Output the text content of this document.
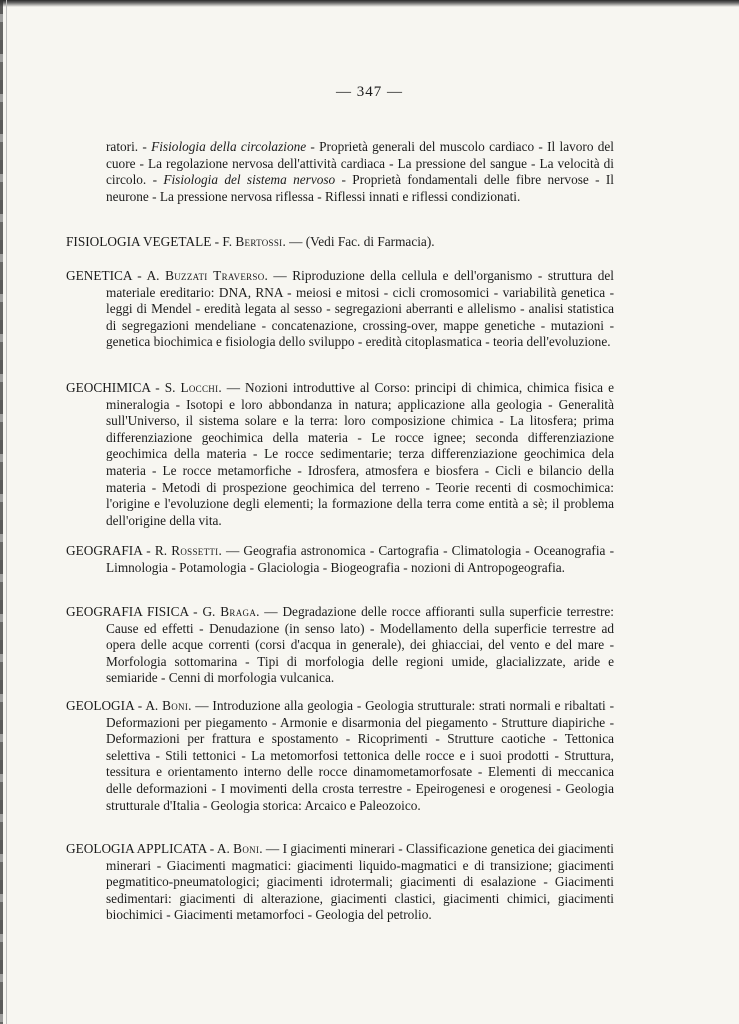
— 347 —
ratori. - Fisiologia della circolazione - Proprietà generali del muscolo cardiaco - Il lavoro del cuore - La regolazione nervosa dell'attività cardiaca - La pressione del sangue - La velocità di circolo. - Fisiologia del sistema nervoso - Proprietà fondamentali delle fibre nervose - Il neurone - La pressione nervosa riflessa - Riflessi innati e riflessi condizionati.
FISIOLOGIA VEGETALE - F. Bertossi. — (Vedi Fac. di Farmacia).
GENETICA - A. Buzzati Traverso. — Riproduzione della cellula e dell'organismo - struttura del materiale ereditario: DNA, RNA - meiosi e mitosi - cicli cromosomici - variabilità genetica - leggi di Mendel - eredità legata al sesso - segregazioni aberranti e allelismo - analisi statistica di segregazioni mendeliane - concatenazione, crossing-over, mappe genetiche - mutazioni - genetica biochimica e fisiologia dello sviluppo - eredità citoplasmatica - teoria dell'evoluzione.
GEOCHIMICA - S. Locchi. — Nozioni introduttive al Corso: principi di chimica, chimica fisica e mineralogia - Isotopi e loro abbondanza in natura; applicazione alla geologia - Generalità sull'Universo, il sistema solare e la terra: loro composizione chimica - La litosfera; prima differenziazione geochimica della materia - Le rocce ignee; seconda differenziazione geochimica della materia - Le rocce sedimentarie; terza differenziazione geochimica dela materia - Le rocce metamorfiche - Idrosfera, atmosfera e biosfera - Cicli e bilancio della materia - Metodi di prospezione geochimica del terreno - Teorie recenti di cosmochimica: l'origine e l'evoluzione degli elementi; la formazione della terra come entità a sè; il problema dell'origine della vita.
GEOGRAFIA - R. Rossetti. — Geografia astronomica - Cartografia - Climatologia - Oceanografia - Limnologia - Potamologia - Glaciologia - Biogeografia - nozioni di Antropogeografia.
GEOGRAFIA FISICA - G. Braga. — Degradazione delle rocce affioranti sulla superficie terrestre: Cause ed effetti - Denudazione (in senso lato) - Modellamento della superficie terrestre ad opera delle acque correnti (corsi d'acqua in generale), dei ghiacciai, del vento e del mare - Morfologia sottomarina - Tipi di morfologia delle regioni umide, glacializzate, aride e semiaride - Cenni di morfologia vulcanica.
GEOLOGIA - A. Boni. — Introduzione alla geologia - Geologia strutturale: strati normali e ribaltati - Deformazioni per piegamento - Armonie e disarmonia del piegamento - Strutture diapiriche - Deformazioni per frattura e spostamento - Ricoprimenti - Strutture caotiche - Tettonica selettiva - Stili tettonici - La metomorfosi tettonica delle rocce e i suoi prodotti - Struttura, tessitura e orientamento interno delle rocce dinamometamorfosate - Elementi di meccanica delle deformazioni - I movimenti della crosta terrestre - Epeirogenesi e orogenesi - Geologia strutturale d'Italia - Geologia storica: Arcaico e Paleozoico.
GEOLOGIA APPLICATA - A. Boni. — I giacimenti minerari - Classificazione genetica dei giacimenti minerari - Giacimenti magmatici: giacimenti liquido-magmatici e di transizione; giacimenti pegmatitico-pneumatologici; giacimenti idrotermali; giacimenti di esalazione - Giacimenti sedimentari: giacimenti di alterazione, giacimenti clastici, giacimenti chimici, giacimenti biochimici - Giacimenti metamorfoci - Geologia del petrolio.
